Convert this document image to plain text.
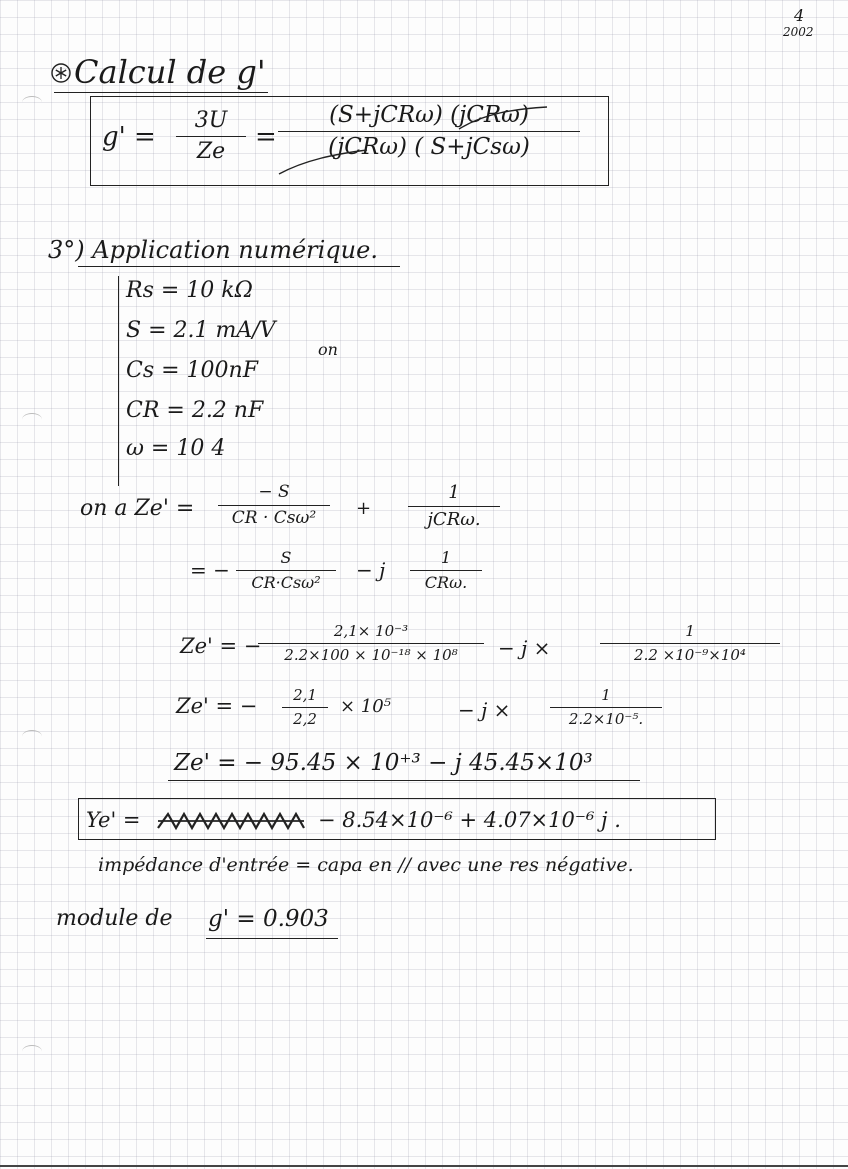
4
2002
Calcul de g'
g' =
3U
Ze	=
(S+jCRω) (jCRω)
(jCRω) ( S+jCsω)
3°) Application numérique.
Rs = 10 kΩ
S = 2.1 mA/V
Cs = 100nF
CR = 2.2 nF
ω = 10 4
on
on a Ze' =
− S
CR · Csω²	+
1
jCRω.
= −
S
CR·Csω²
− j
1
CRω.
Ze' = −
2,1× 10⁻³
2.2×100 × 10⁻¹⁸ × 10⁸	− j ×
1
2.2 ×10⁻⁹×10⁴
Ze' = −	2,1
2,2
× 10⁵	− j ×
1
2.2×10⁻⁵.
Ze' = − 95.45 × 10⁺³ − j 45.45×10³
Ye' =	− 8.54×10⁻⁶ + 4.07×10⁻⁶ j .
impédance d'entrée = capa en // avec une res négative.
module de g' = 0.903
